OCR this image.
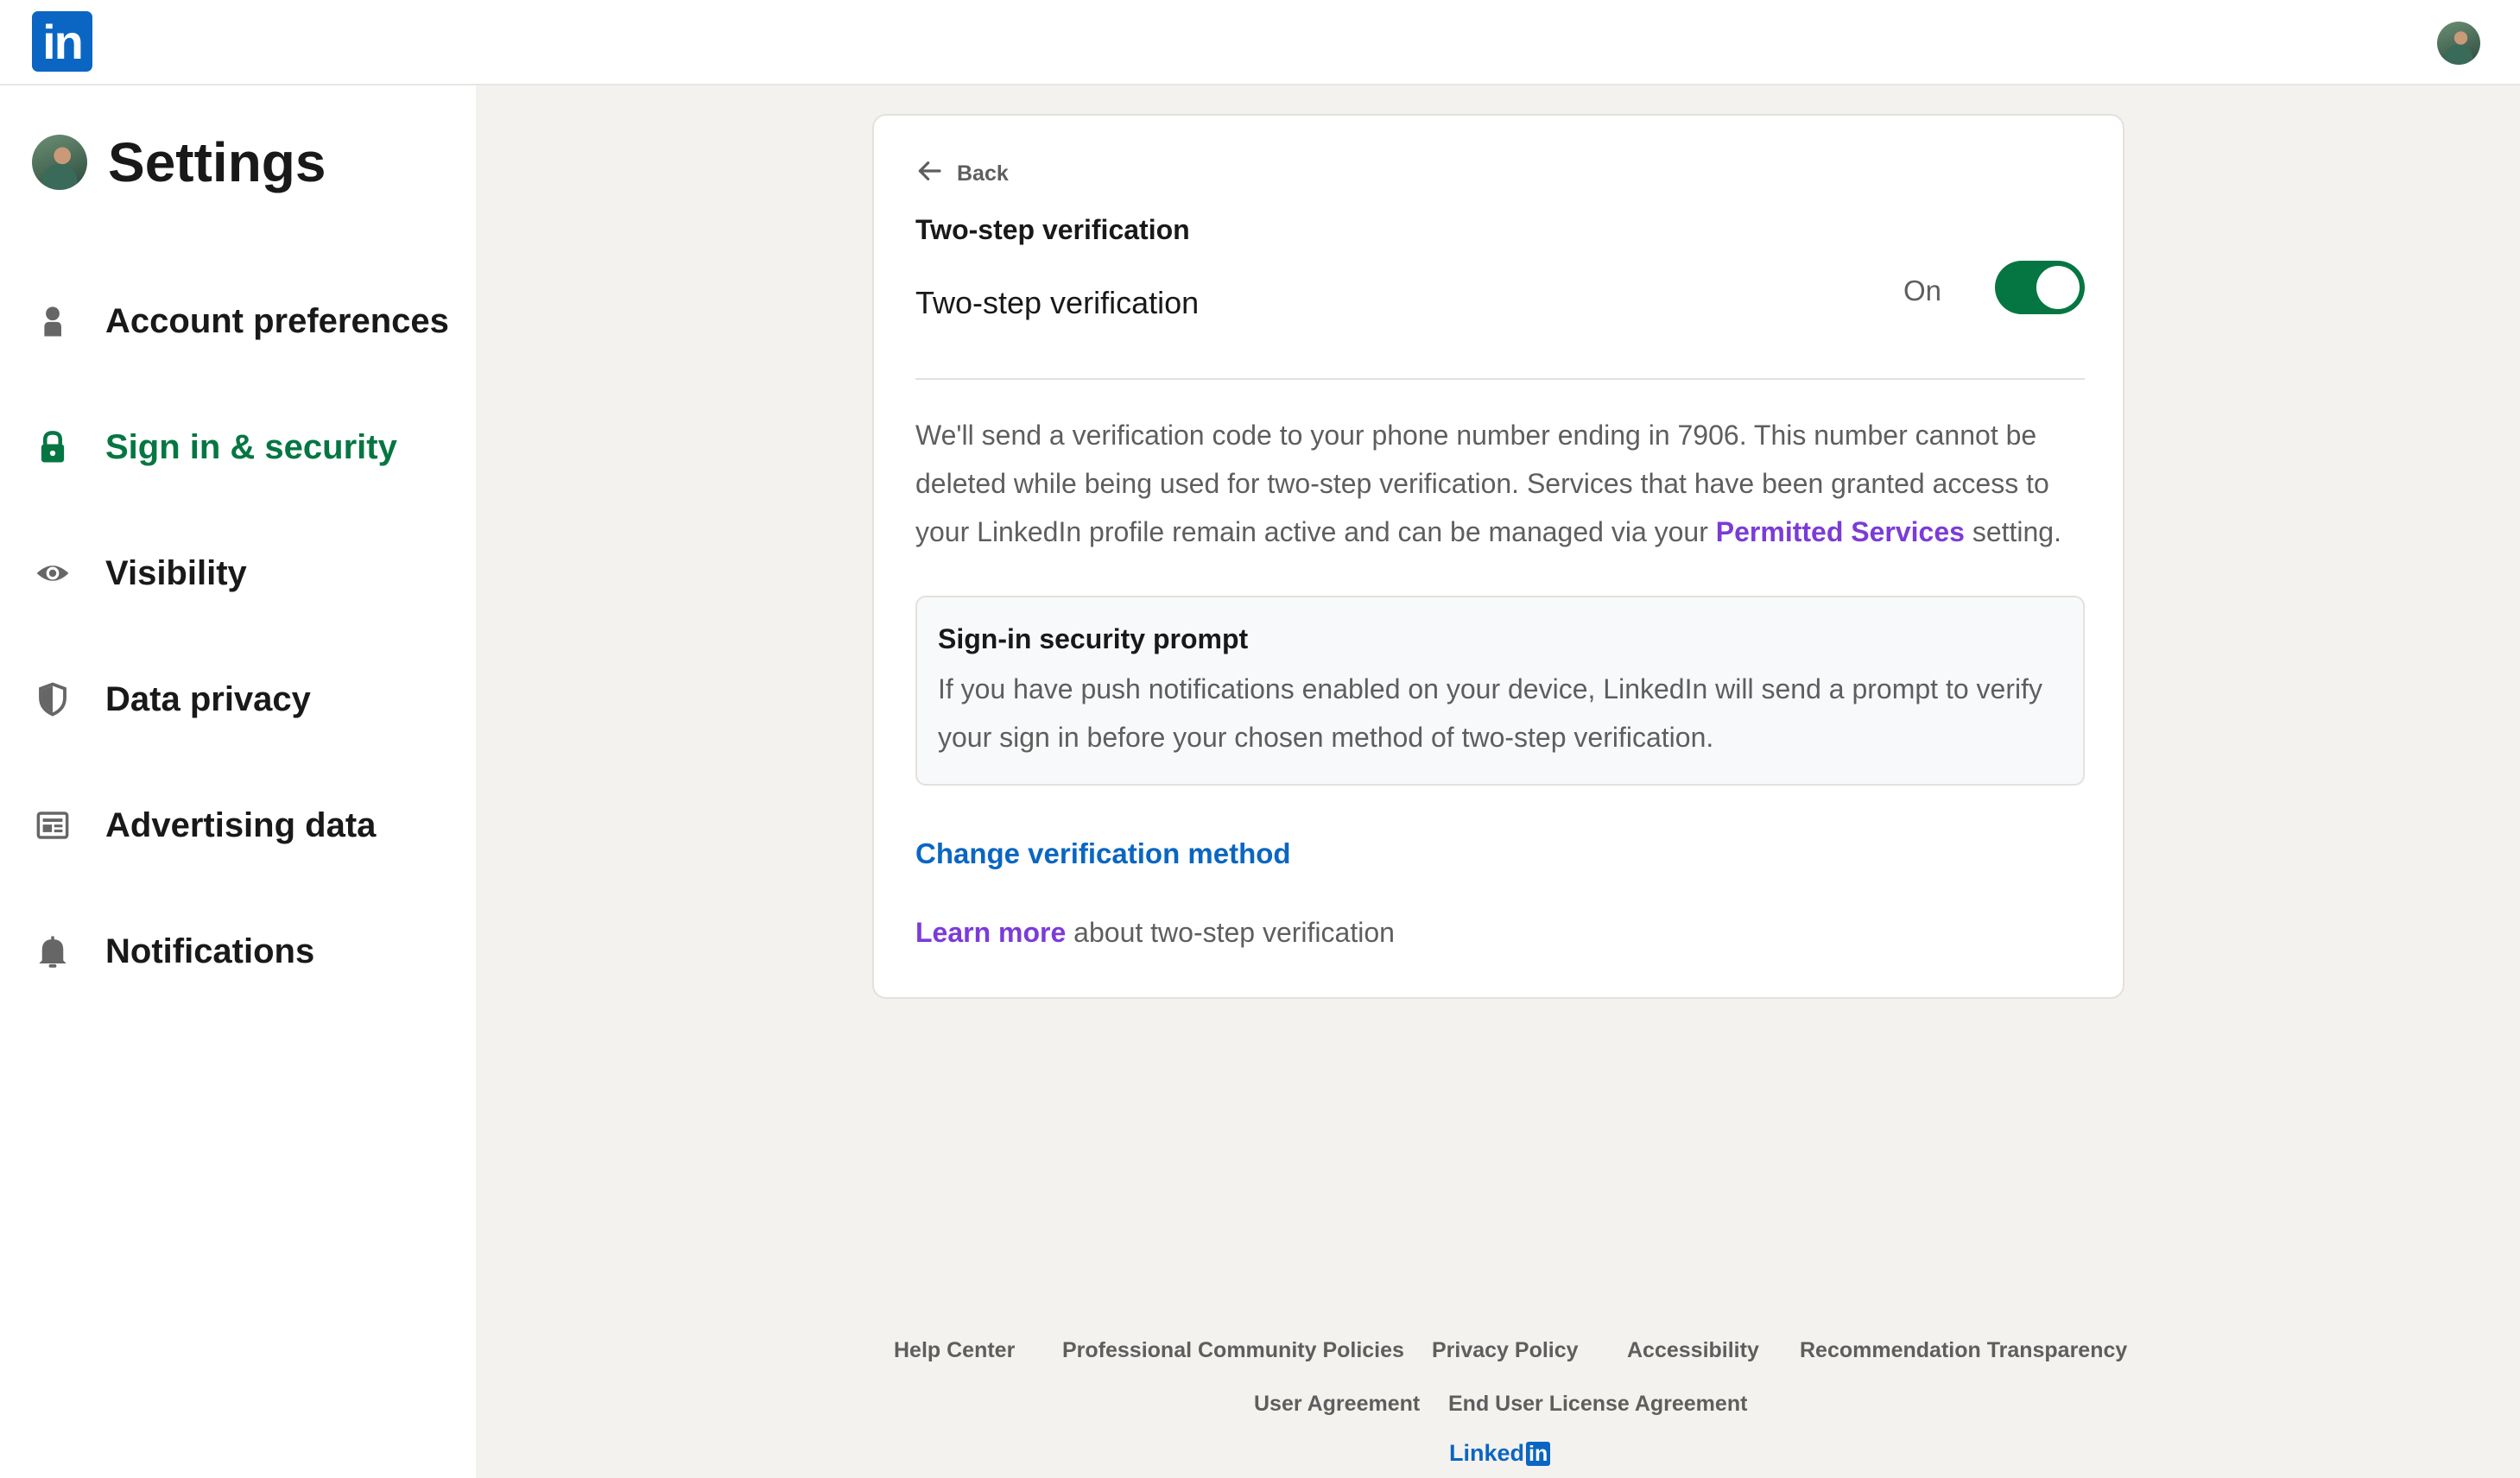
in
Settings
Account preferences
Sign in & security
Visibility
Data privacy
Advertising data
Notifications
Back
Two-step verification
Two-step verification	On
We'll send a verification code to your phone number ending in 7906. This number cannot be deleted while being used for two-step verification. Services that have been granted access to your LinkedIn profile remain active and can be managed via your Permitted Services setting.
Sign-in security prompt
If you have push notifications enabled on your device, LinkedIn will send a prompt to verify your sign in before your chosen method of two-step verification.
Change verification method
Learn more about two-step verification
Help Center Professional Community Policies Privacy Policy Accessibility Recommendation Transparency
User Agreement End User License Agreement
Linked in
